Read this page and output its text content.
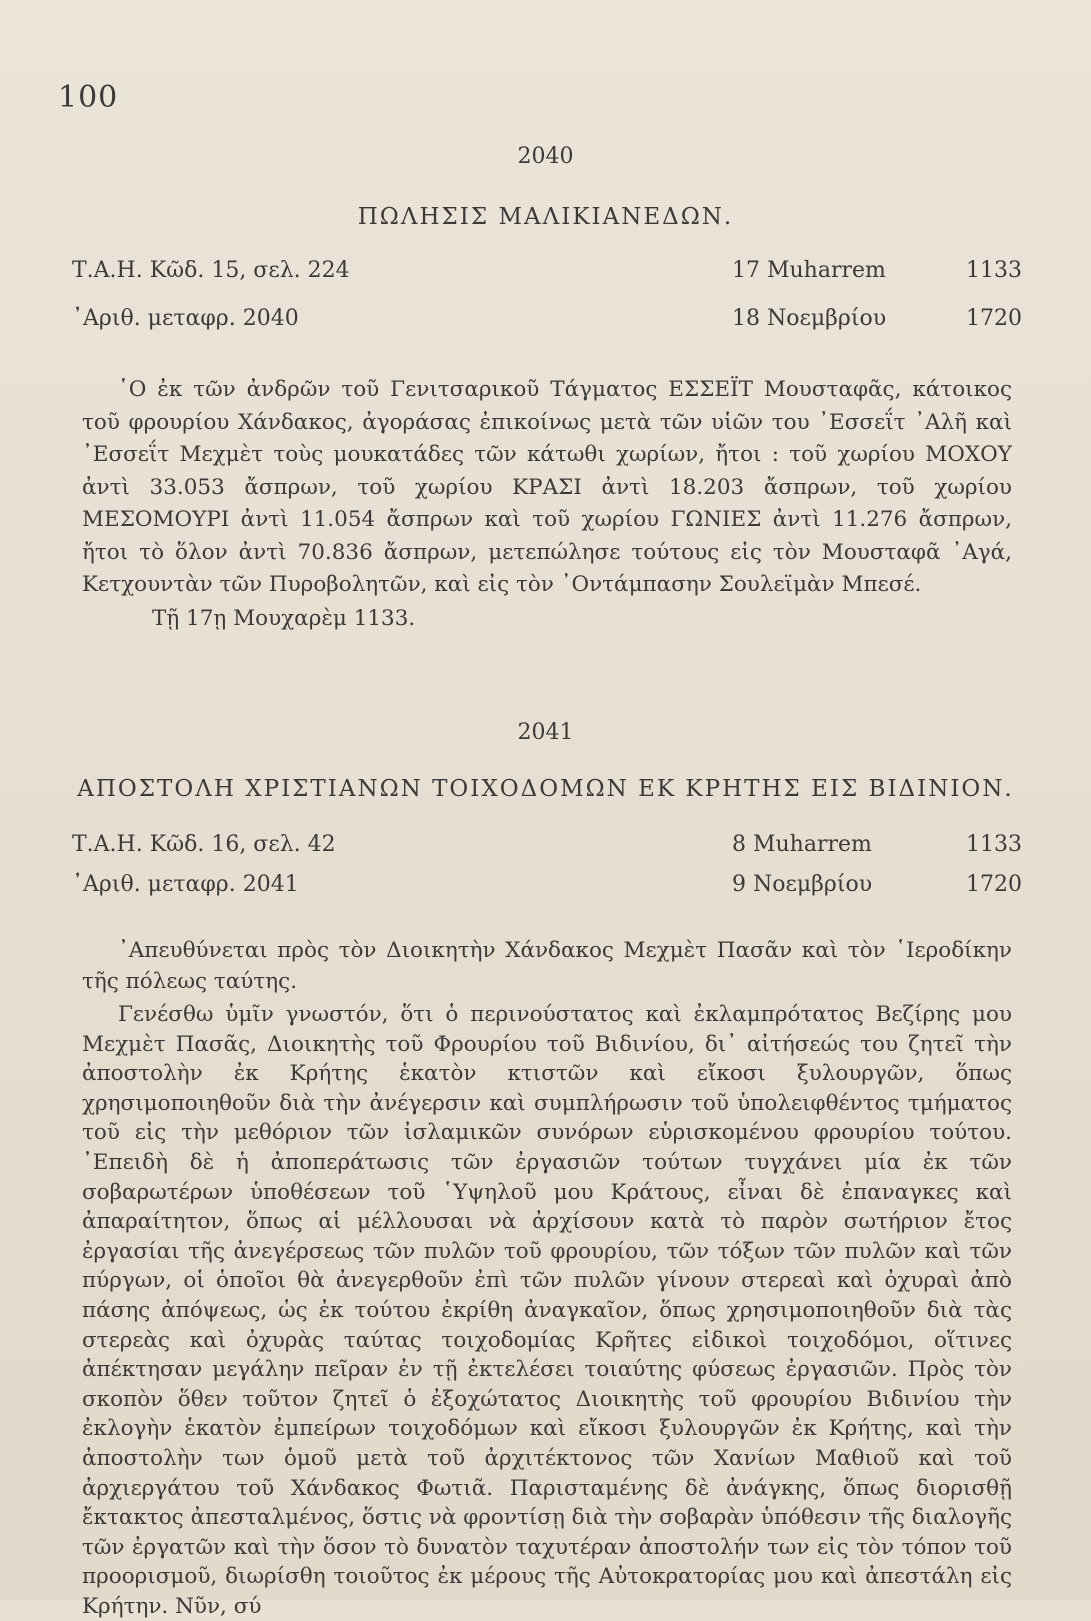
100
2040
ΠΩΛΗΣΙΣ ΜΑΛΙΚΙΑΝΕΔΩΝ.
Τ.Α.Η. Κῶδ. 15, σελ. 224	17 Muharrem	1133
᾽Αριθ. μεταφρ. 2040	18 Νοεμβρίου	1720

῾Ο ἐκ τῶν ἀνδρῶν τοῦ Γενιτσαρικοῦ Τάγματος ΕΣΣΕΪΤ Μουσταφᾶς, κάτοικος τοῦ φρουρίου Χάνδακος, ἀγοράσας ἐπικοίνως μετὰ τῶν υἱῶν του ᾽Εσσεΐτ ᾽Αλῆ καὶ ᾽Εσσεΐτ Μεχμὲτ τοὺς μουκατάδες τῶν κάτωθι χωρίων, ἤτοι : τοῦ χωρίου ΜΟΧΟΥ ἀντὶ 33.053 ἄσπρων, τοῦ χωρίου ΚΡΑΣΙ ἀντὶ 18.203 ἄσπρων, τοῦ χωρίου ΜΕΣΟΜΟΥΡΙ ἀντὶ 11.054 ἄσπρων καὶ τοῦ χωρίου ΓΩΝΙΕΣ ἀντὶ 11.276 ἄσπρων, ἤτοι τὸ ὅλον ἀντὶ 70.836 ἄσπρων, μετεπώλησε τούτους εἰς τὸν Μουσταφᾶ ᾽Αγά, Κετχουντὰν τῶν Πυροβολητῶν, καὶ εἰς τὸν ᾽Οντάμπασην Σουλεϊμὰν Μπεσέ.

Τῇ 17ῃ Μουχαρὲμ 1133.
2041
ΑΠΟΣΤΟΛΗ ΧΡΙΣΤΙΑΝΩΝ ΤΟΙΧΟΔΟΜΩΝ ΕΚ ΚΡΗΤΗΣ ΕΙΣ ΒΙΔΙΝΙΟΝ.
Τ.Α.Η. Κῶδ. 16, σελ. 42	8 Muharrem	1133
᾽Αριθ. μεταφρ. 2041	9 Νοεμβρίου	1720

᾽Απευθύνεται πρὸς τὸν Διοικητὴν Χάνδακος Μεχμὲτ Πασᾶν καὶ τὸν ῾Ιεροδίκην τῆς πόλεως ταύτης.

Γενέσθω ὑμῖν γνωστόν, ὅτι ὁ περινούστατος καὶ ἐκλαμπρότατος Βεζίρης μου Μεχμὲτ Πασᾶς, Διοικητὴς τοῦ Φρουρίου τοῦ Βιδινίου, δι᾽ αἰτήσεώς του ζητεῖ τὴν ἀποστολὴν ἐκ Κρήτης ἑκατὸν κτιστῶν καὶ εἴκοσι ξυλουργῶν, ὅπως χρησιμοποιηθοῦν διὰ τὴν ἀνέγερσιν καὶ συμπλήρωσιν τοῦ ὑπολειφθέντος τμήματος τοῦ εἰς τὴν μεθόριον τῶν ἰσλαμικῶν συνόρων εὑρισκομένου φρουρίου τούτου. ᾽Επειδὴ δὲ ἡ ἀποπεράτωσις τῶν ἐργασιῶν τούτων τυγχάνει μία ἐκ τῶν σοβαρωτέρων ὑποθέσεων τοῦ ῾Υψηλοῦ μου Κράτους, εἶναι δὲ ἐπαναγκες καὶ ἀπαραίτητον, ὅπως αἱ μέλλουσαι νὰ ἀρχίσουν κατὰ τὸ παρὸν σωτήριον ἔτος ἐργασίαι τῆς ἀνεγέρσεως τῶν πυλῶν τοῦ φρουρίου, τῶν τόξων τῶν πυλῶν καὶ τῶν πύργων, οἱ ὁποῖοι θὰ ἀνεγερθοῦν ἐπὶ τῶν πυλῶν γίνουν στερεαὶ καὶ ὀχυραὶ ἀπὸ πάσης ἀπόψεως, ὡς ἐκ τούτου ἐκρίθη ἀναγκαῖον, ὅπως χρησιμοποιηθοῦν διὰ τὰς στερεὰς καὶ ὀχυρὰς ταύτας τοιχοδομίας Κρῆτες εἰδικοὶ τοιχοδόμοι, οἵτινες ἀπέκτησαν μεγάλην πεῖραν ἐν τῇ ἐκτελέσει τοιαύτης φύσεως ἐργασιῶν. Πρὸς τὸν σκοπὸν ὅθεν τοῦτον ζητεῖ ὁ ἐξοχώτατος Διοικητὴς τοῦ φρουρίου Βιδινίου τὴν ἐκλογὴν ἑκατὸν ἐμπείρων τοιχοδόμων καὶ εἴκοσι ξυλουργῶν ἐκ Κρήτης, καὶ τὴν ἀποστολὴν των ὁμοῦ μετὰ τοῦ ἀρχιτέκτονος τῶν Χανίων Μαθιοῦ καὶ τοῦ ἀρχιεργάτου τοῦ Χάνδακος Φωτιᾶ. Παρισταμένης δὲ ἀνάγκης, ὅπως διορισθῇ ἔκτακτος ἀπεσταλμένος, ὅστις νὰ φροντίσῃ διὰ τὴν σοβαρὰν ὑπόθεσιν τῆς διαλογῆς τῶν ἐργατῶν καὶ τὴν ὅσον τὸ δυνατὸν ταχυτέραν ἀποστολήν των εἰς τὸν τόπον τοῦ προορισμοῦ, διωρίσθη τοιοῦτος ἐκ μέρους τῆς Αὐτοκρατορίας μου καὶ ἀπεστάλη εἰς Κρήτην. Νῦν, σύ
